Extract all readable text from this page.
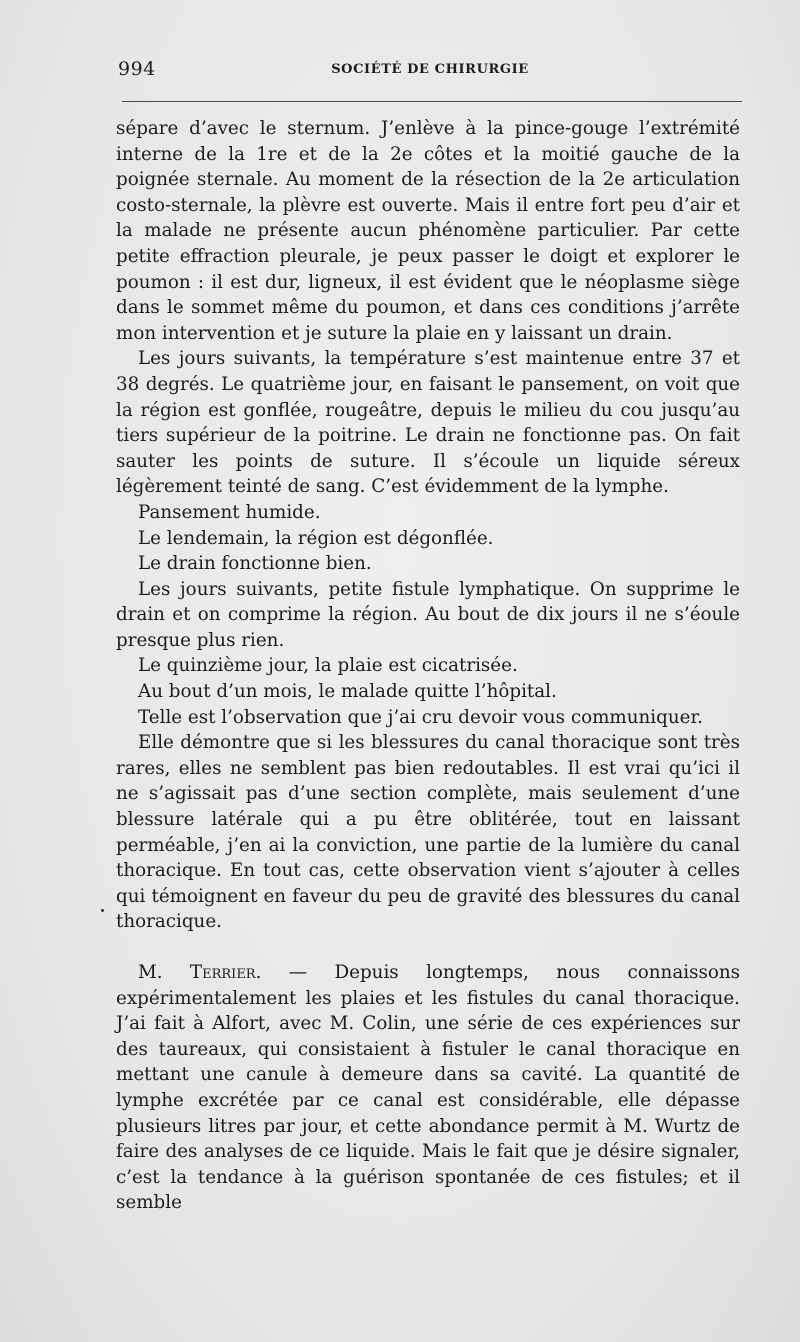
994	SOCIÉTÉ DE CHIRURGIE

sépare d’avec le sternum. J’enlève à la pince-gouge l’extrémité interne de la 1re et de la 2e côtes et la moitié gauche de la poignée sternale. Au moment de la résection de la 2e articulation costo-sternale, la plèvre est ouverte. Mais il entre fort peu d’air et la malade ne présente aucun phénomène particulier. Par cette petite effraction pleurale, je peux passer le doigt et explorer le poumon : il est dur, ligneux, il est évident que le néoplasme siège dans le sommet même du poumon, et dans ces conditions j’arrête mon intervention et je suture la plaie en y laissant un drain.

Les jours suivants, la température s’est maintenue entre 37 et 38 degrés. Le quatrième jour, en faisant le pansement, on voit que la région est gonflée, rougeâtre, depuis le milieu du cou jusqu’au tiers supérieur de la poitrine. Le drain ne fonctionne pas. On fait sauter les points de suture. Il s’écoule un liquide séreux légèrement teinté de sang. C’est évidemment de la lymphe.

Pansement humide.

Le lendemain, la région est dégonflée.

Le drain fonctionne bien.

Les jours suivants, petite fistule lymphatique. On supprime le drain et on comprime la région. Au bout de dix jours il ne s’éoule presque plus rien.

Le quinzième jour, la plaie est cicatrisée.

Au bout d’un mois, le malade quitte l’hôpital.

Telle est l’observation que j’ai cru devoir vous communiquer.

Elle démontre que si les blessures du canal thoracique sont très rares, elles ne semblent pas bien redoutables. Il est vrai qu’ici il ne s’agissait pas d’une section complète, mais seulement d’une blessure latérale qui a pu être oblitérée, tout en laissant perméable, j’en ai la conviction, une partie de la lumière du canal thoracique. En tout cas, cette observation vient s’ajouter à celles qui témoignent en faveur du peu de gravité des blessures du canal thoracique.

M. Terrier. — Depuis longtemps, nous connaissons expérimentalement les plaies et les fistules du canal thoracique. J’ai fait à Alfort, avec M. Colin, une série de ces expériences sur des taureaux, qui consistaient à fistuler le canal thoracique en mettant une canule à demeure dans sa cavité. La quantité de lymphe excrétée par ce canal est considérable, elle dépasse plusieurs litres par jour, et cette abondance permit à M. Wurtz de faire des analyses de ce liquide. Mais le fait que je désire signaler, c’est la tendance à la guérison spontanée de ces fistules; et il semble
